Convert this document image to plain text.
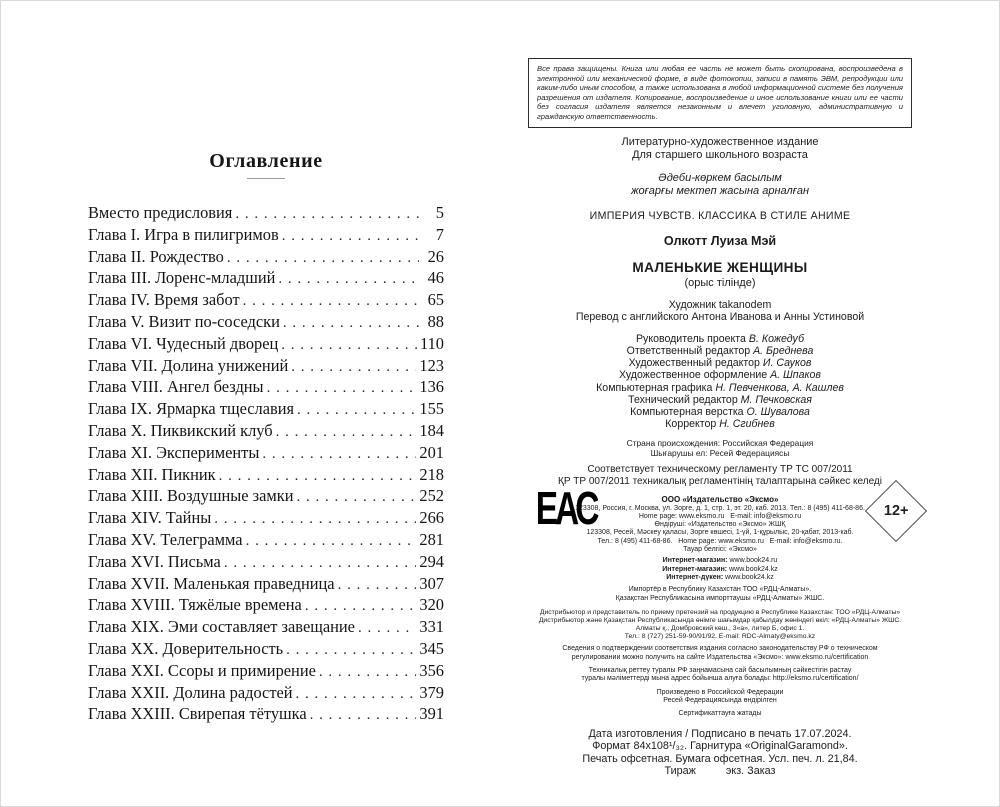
Оглавление
Вместо предисловия . . .	5
Глава I. Игра в пилигримов . . .	7
Глава II. Рождество . . .	26
Глава III. Лоренс-младший . . .	46
Глава IV. Время забот . . .	65
Глава V. Визит по-соседски . . .	88
Глава VI. Чудесный дворец . . .	110
Глава VII. Долина унижений . . .	123
Глава VIII. Ангел бездны . . .	136
Глава IX. Ярмарка тщеславия . . .	155
Глава X. Пиквикский клуб . . .	184
Глава XI. Эксперименты . . .	201
Глава XII. Пикник . . .	218
Глава XIII. Воздушные замки . . .	252
Глава XIV. Тайны . . .	266
Глава XV. Телеграмма . . .	281
Глава XVI. Письма . . .	294
Глава XVII. Маленькая праведница . . .	307
Глава XVIII. Тяжёлые времена . . .	320
Глава XIX. Эми составляет завещание . . .	331
Глава XX. Доверительность . . .	345
Глава XXI. Ссоры и примирение . . .	356
Глава XXII. Долина радостей . . .	379
Глава XXIII. Свирепая тётушка . . .	391
Все права защищены. Книга или любая ее часть не может быть скопирована, воспроизведена в электронной или механической форме, в виде фотокопии, записи в память ЭВМ, репродукции или каким-либо иным способом, а также использована в любой информационной системе без получения разрешения от издателя. Копирование, воспроизведение и иное использование книги или ее части без согласия издателя является незаконным и влечет уголовную, административную и гражданскую ответственность.
Литературно-художественное издание
Для старшего школьного возраста
Әдеби-көркем басылым
жоғарғы мектеп жасына арналған
ИМПЕРИЯ ЧУВСТВ. КЛАССИКА В СТИЛЕ АНИМЕ
Олкотт Луиза Мэй
МАЛЕНЬКИЕ ЖЕНЩИНЫ
(орыс тілінде)
Художник takanodem
Перевод с английского Антона Иванова и Анны Устиновой
Руководитель проекта В. Кожедуб
Ответственный редактор А. Бреднева
Художественный редактор И. Сауков
Художественное оформление А. Шпаков
Компьютерная графика Н. Певченкова, А. Кашлев
Технический редактор М. Печковская
Компьютерная верстка О. Шувалова
Корректор Н. Сгибнев
Страна происхождения: Российская Федерация
Шығарушы ел: Ресей Федерациясы
Соответствует техническому регламенту ТР ТС 007/2011
ҚР ТР 007/2011 техникалық регламентінің талаптарына сәйкес келеді
ООО «Издательство «Эксмо»
123308, Россия, г. Москва, ул. Зорге, д. 1, стр. 1, эт. 20, каб. 2013. Тел.: 8 (495) 411-68-86.
Home page: www.eksmo.ru   E-mail: info@eksmo.ru
Өндіруші: «Издательство «Эксмо» ЖШҚ
123308, Ресей, Мәскеу қаласы, Зорге көшесі, 1-үй, 1-құрылыс, 20-қабат, 2013-каб.
Тел.: 8 (495) 411-68-86.   Home page: www.eksmo.ru   E-mail: info@eksmo.ru.
Тауар белгісі: «Эксмо»
Интернет-магазин: www.book24.ru
Интернет-магазин: www.book24.kz
Интернет-дүкен: www.book24.kz
Импортёр в Республику Казахстан ТОО «РДЦ-Алматы».
Қазақстан Республикасына импорттаушы «РДЦ-Алматы» ЖШС.
Дистрибьютор и представитель по приему претензий на продукцию в Республике Казахстан: ТОО «РДЦ-Алматы»
Дистрибьютор және Қазақстан Республикасында өнімге шағымдар қабылдау жөніндегі өкіл: «РДЦ-Алматы» ЖШС.
Алматы қ., Домбровский көш., 3«а», литер Б, офис 1.
Тел.: 8 (727) 251-59-90/91/92. E-mail: RDC-Almaty@eksmo.kz
Сведения о подтверждении соответствия издания согласно законодательству РФ о техническом
регулировании можно получить на сайте Издательства «Эксмо»: www.eksmo.ru/certification
Техникалық реттеу туралы РФ заңнамасына сай басылымның сәйкестігін растау
туралы мәліметтерді мына адрес бойынша алуға болады: http://eksmo.ru/certification/
Произведено в Российской Федерации
Ресей Федерациясында өндірілген
Сертификаттауға жатады
Дата изготовления / Подписано в печать 17.07.2024.
Формат 84x108¹/₃₂. Гарнитура «OriginalGaramond».
Печать офсетная. Бумага офсетная. Усл. печ. л. 21,84.
Тираж	экз. Заказ
ЕАС	12+
